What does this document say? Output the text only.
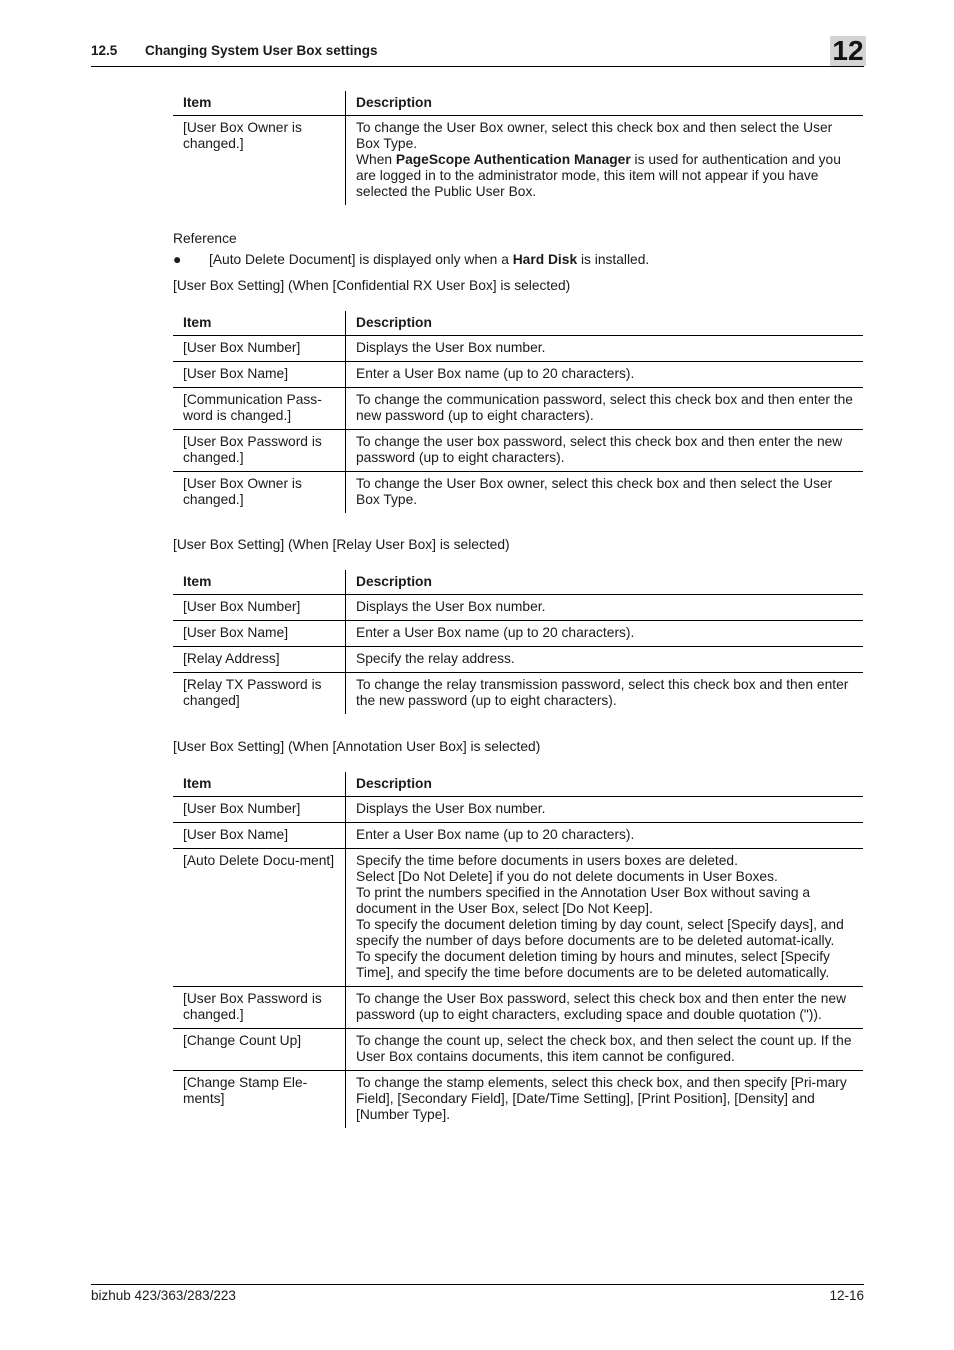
12.5 Changing System User Box settings	12
Item	Description
[User Box Owner is changed.]	To change the User Box owner, select this check box and then select the User Box Type.
When PageScope Authentication Manager is used for authentication and you are logged in to the administrator mode, this item will not appear if you have selected the Public User Box.
Reference
● [Auto Delete Document] is displayed only when a Hard Disk is installed.
[User Box Setting] (When [Confidential RX User Box] is selected)
Item	Description
[User Box Number]	Displays the User Box number.
[User Box Name]	Enter a User Box name (up to 20 characters).
[Communication Pass-word is changed.]	To change the communication password, select this check box and then enter the new password (up to eight characters).
[User Box Password is changed.]	To change the user box password, select this check box and then enter the new password (up to eight characters).
[User Box Owner is changed.]	To change the User Box owner, select this check box and then select the User Box Type.
[User Box Setting] (When [Relay User Box] is selected)
Item	Description
[User Box Number]	Displays the User Box number.
[User Box Name]	Enter a User Box name (up to 20 characters).
[Relay Address]	Specify the relay address.
[Relay TX Password is changed]	To change the relay transmission password, select this check box and then enter the new password (up to eight characters).
[User Box Setting] (When [Annotation User Box] is selected)
Item	Description
[User Box Number]	Displays the User Box number.
[User Box Name]	Enter a User Box name (up to 20 characters).
[Auto Delete Docu-ment]	Specify the time before documents in users boxes are deleted.
Select [Do Not Delete] if you do not delete documents in User Boxes.
To print the numbers specified in the Annotation User Box without saving a document in the User Box, select [Do Not Keep].
To specify the document deletion timing by day count, select [Specify days], and specify the number of days before documents are to be deleted automat-ically.
To specify the document deletion timing by hours and minutes, select [Specify Time], and specify the time before documents are to be deleted automatically.
[User Box Password is changed.]	To change the User Box password, select this check box and then enter the new password (up to eight characters, excluding space and double quotation (")).
[Change Count Up]	To change the count up, select the check box, and then select the count up. If the User Box contains documents, this item cannot be configured.
[Change Stamp Ele-ments]	To change the stamp elements, select this check box, and then specify [Pri-mary Field], [Secondary Field], [Date/Time Setting], [Print Position], [Density] and [Number Type].
bizhub 423/363/283/223	12-16
